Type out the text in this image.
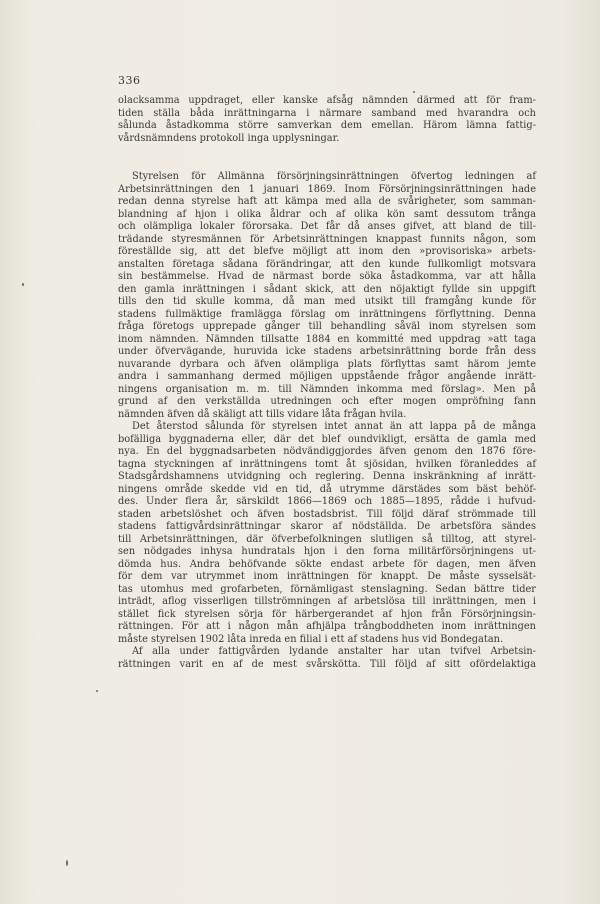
336
olacksamma uppdraget, eller kanske afsåg nämnden därmed att för fram-
tiden ställa båda inrättningarna i närmare samband med hvarandra och
sålunda åstadkomma större samverkan dem emellan. Härom lämna fattig-
vårdsnämndens protokoll inga upplysningar.
Styrelsen för Allmänna försörjningsinrättningen öfvertog ledningen af
Arbetsinrättningen den 1 januari 1869. Inom Försörjningsinrättningen hade
redan denna styrelse haft att kämpa med alla de svårigheter, som samman-
blandning af hjon i olika åldrar och af olika kön samt dessutom trånga
och olämpliga lokaler förorsaka. Det får då anses gifvet, att bland de till-
trädande styresmännen för Arbetsinrättningen knappast funnits någon, som
föreställde sig, att det blefve möjligt att inom den »provisoriska» arbets-
anstalten företaga sådana förändringar, att den kunde fullkomligt motsvara
sin bestämmelse. Hvad de närmast borde söka åstadkomma, var att hålla
den gamla inrättningen i sådant skick, att den nöjaktigt fyllde sin uppgift
tills den tid skulle komma, då man med utsikt till framgång kunde för
stadens fullmäktige framlägga förslag om inrättningens förflyttning. Denna
fråga företogs upprepade gånger till behandling såväl inom styrelsen som
inom nämnden. Nämnden tillsatte 1884 en kommitté med uppdrag »att taga
under öfvervägande, huruvida icke stadens arbetsinrättning borde från dess
nuvarande dyrbara och äfven olämpliga plats förflyttas samt härom jemte
andra i sammanhang dermed möjligen uppstående frågor angående inrätt-
ningens organisation m. m. till Nämnden inkomma med förslag». Men på
grund af den verkställda utredningen och efter mogen ompröfning fann
nämnden äfven då skäligt att tills vidare låta frågan hvila.
Det återstod sålunda för styrelsen intet annat än att lappa på de många
bofälliga byggnaderna eller, där det blef oundvikligt, ersätta de gamla med
nya. En del byggnadsarbeten nödvändiggjordes äfven genom den 1876 före-
tagna styckningen af inrättningens tomt åt sjösidan, hvilken föranleddes af
Stadsgårdshamnens utvidgning och reglering. Denna inskränkning af inrätt-
ningens område skedde vid en tid, då utrymme därstädes som bäst behöf-
des. Under flera år, särskildt 1866—1869 och 1885—1895, rådde i hufvud-
staden arbetslöshet och äfven bostadsbrist. Till följd däraf strömmade till
stadens fattigvårdsinrättningar skaror af nödställda. De arbetsföra sändes
till Arbetsinrättningen, där öfverbefolkningen slutligen så tilltog, att styrel-
sen nödgades inhysa hundratals hjon i den forna militärförsörjningens ut-
dömda hus. Andra behöfvande sökte endast arbete för dagen, men äfven
för dem var utrymmet inom inrättningen för knappt. De måste sysselsät-
tas utomhus med grofarbeten, förnämligast stenslagning. Sedan bättre tider
inträdt, aflog visserligen tillströmningen af arbetslösa till inrättningen, men i
stället fick styrelsen sörja för härbergerandet af hjon från Försörjningsin-
rättningen. För att i någon mån afhjälpa trångboddheten inom inrättningen
måste styrelsen 1902 låta inreda en filial i ett af stadens hus vid Bondegatan.
Af alla under fattigvården lydande anstalter har utan tvifvel Arbetsin-
rättningen varit en af de mest svårskötta. Till följd af sitt ofördelaktiga
